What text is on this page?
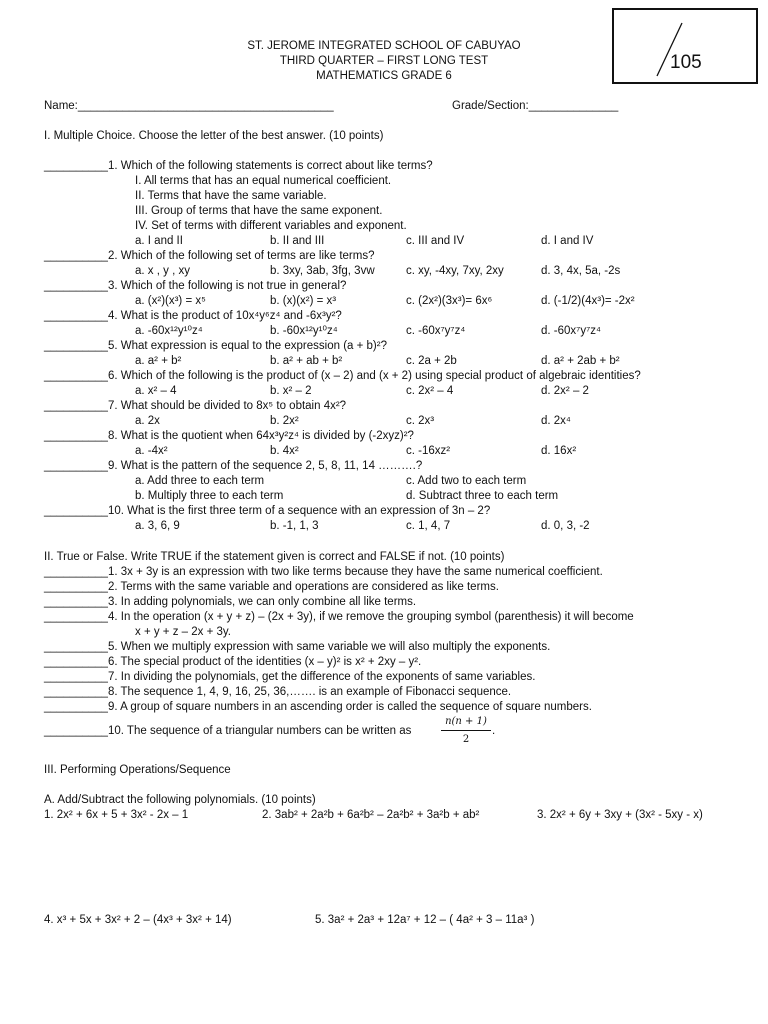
ST. JEROME INTEGRATED SCHOOL OF CABUYAO
THIRD QUARTER – FIRST LONG TEST
MATHEMATICS GRADE 6
105
Name:________________________________________	Grade/Section:______________
I. Multiple Choice. Choose the letter of the best answer. (10 points)
__________1. Which of the following statements is correct about like terms?
I. All terms that has an equal numerical coefficient.
II. Terms that have the same variable.
III. Group of terms that have the same exponent.
IV. Set of terms with different variables and exponent.
__________2. Which of the following set of terms are like terms?
__________3. Which of the following is not true in general?
__________4. What is the product of 10x⁴y⁶z⁴ and -6x³y²?
__________5. What expression is equal to the expression (a + b)²?
__________6. Which of the following is the product of (x – 2) and (x + 2) using special product of algebraic identities?
__________7. What should be divided to 8x⁵ to obtain 4x²?
__________8. What is the quotient when 64x³y²z⁴ is divided by (-2xyz)²?
__________9. What is the pattern of the sequence 2, 5, 8, 11, 14 ……….?
__________10. What is the first three term of a sequence with an expression of 3n – 2?
a. I and II	b. II and III	c. III and IV	d. I and IV
a. x , y , xy	b. 3xy, 3ab, 3fg, 3vw	c. xy, -4xy, 7xy, 2xy	d. 3, 4x, 5a, -2s
a. (x²)(x³) = x⁵	b. (x)(x²) = x³	c. (2x²)(3x³)= 6x⁶	d. (-1/2)(4x³)= -2x²
a. -60x¹²y¹⁰z⁴	b. -60x¹²y¹⁰z⁴	c. -60x⁷y⁷z⁴	d. -60x⁷y⁷z⁴
a. a² + b²	b. a² + ab + b²	c. 2a + 2b	d. a² + 2ab + b²
a. x² – 4	b. x² – 2	c. 2x² – 4	d. 2x² – 2
a. 2x	b. 2x²	c. 2x³	d. 2x⁴
a. -4x²	b. 4x²	c. -16xz²	d. 16x²
a. Add three to each term	c. Add two to each term
b. Multiply three to each term	d. Subtract three to each term
a. 3, 6, 9	b. -1, 1, 3	c. 1, 4, 7	d. 0, 3, -2
II. True or False. Write TRUE if the statement given is correct and FALSE if not. (10 points)
__________1. 3x + 3y is an expression with two like terms because they have the same numerical coefficient.
__________2. Terms with the same variable and operations are considered as like terms.
__________3. In adding polynomials, we can only combine all like terms.
__________4. In the operation (x + y + z) – (2x + 3y), if we remove the grouping symbol (parenthesis) it will become
x + y + z – 2x + 3y.
__________5. When we multiply expression with same variable we will also multiply the exponents.
__________6. The special product of the identities (x – y)² is x² + 2xy – y².
__________7. In dividing the polynomials, get the difference of the exponents of same variables.
__________8. The sequence 1, 4, 9, 16, 25, 36,……. is an example of Fibonacci sequence.
__________9. A group of square numbers in an ascending order is called the sequence of square numbers.
__________10. The sequence of a triangular numbers can be written as
n(n + 1)
2
.
III. Performing Operations/Sequence
A. Add/Subtract the following polynomials. (10 points)
1. 2x² + 6x + 5 + 3x² - 2x – 1	2. 3ab² + 2a²b + 6a²b² – 2a²b² + 3a²b + ab²	3. 2x² + 6y + 3xy + (3x² - 5xy - x)
4. x³ + 5x + 3x² + 2 – (4x³ + 3x² + 14)	5. 3a² + 2a³ + 12a⁷ + 12 – ( 4a² + 3 – 11a³ )
